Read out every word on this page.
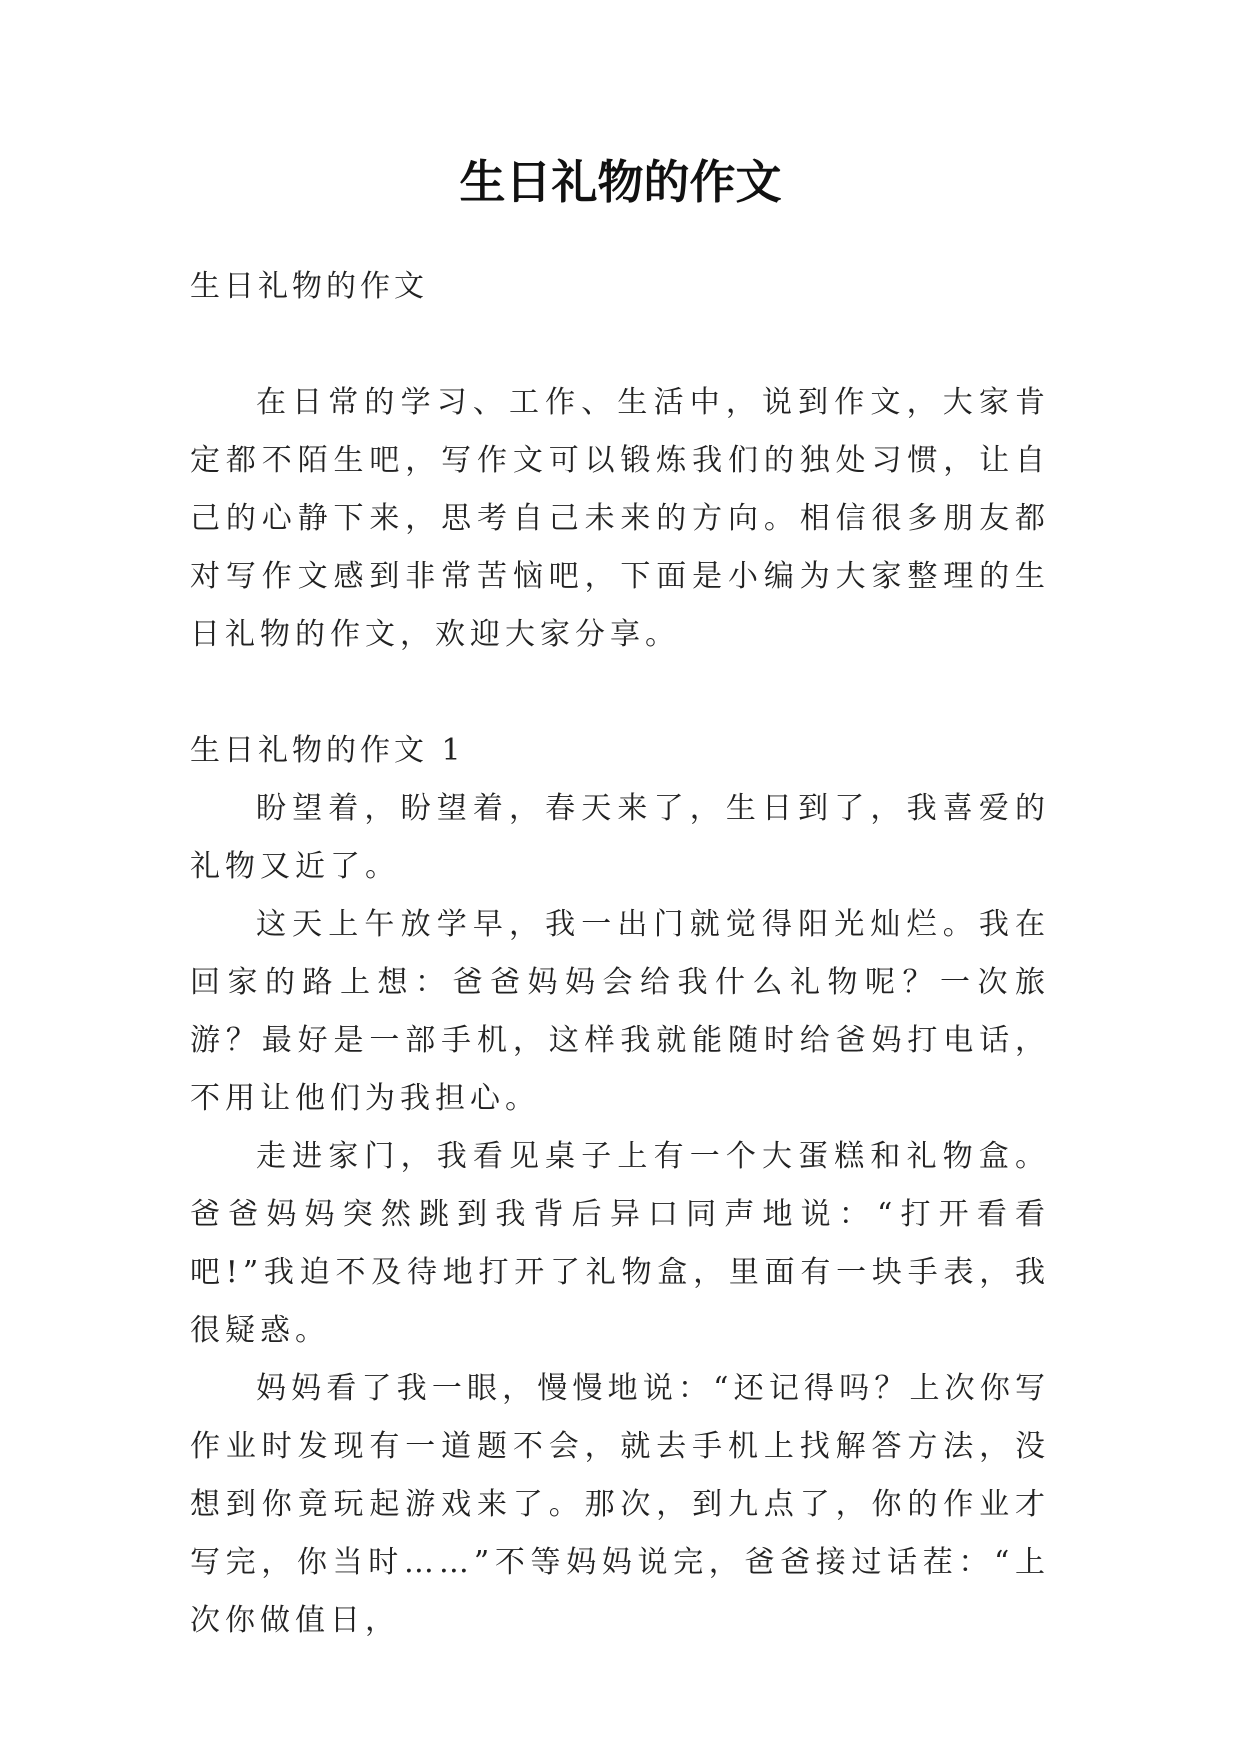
生日礼物的作文

生日礼物的作文

在日常的学习、工作、生活中，说到作文，大家肯定都不陌生吧，写作文可以锻炼我们的独处习惯，让自己的心静下来，思考自己未来的方向。相信很多朋友都对写作文感到非常苦恼吧，下面是小编为大家整理的生日礼物的作文，欢迎大家分享。

生日礼物的作文 1

盼望着，盼望着，春天来了，生日到了，我喜爱的礼物又近了。

这天上午放学早，我一出门就觉得阳光灿烂。我在回家的路上想：爸爸妈妈会给我什么礼物呢？一次旅游？最好是一部手机，这样我就能随时给爸妈打电话，不用让他们为我担心。

走进家门，我看见桌子上有一个大蛋糕和礼物盒。爸爸妈妈突然跳到我背后异口同声地说：“打开看看吧!”我迫不及待地打开了礼物盒，里面有一块手表，我很疑惑。

妈妈看了我一眼，慢慢地说：“还记得吗？上次你写作业时发现有一道题不会，就去手机上找解答方法，没想到你竟玩起游戏来了。那次，到九点了，你的作业才写完，你当时……”不等妈妈说完，爸爸接过话茬：“上次你做值日，
